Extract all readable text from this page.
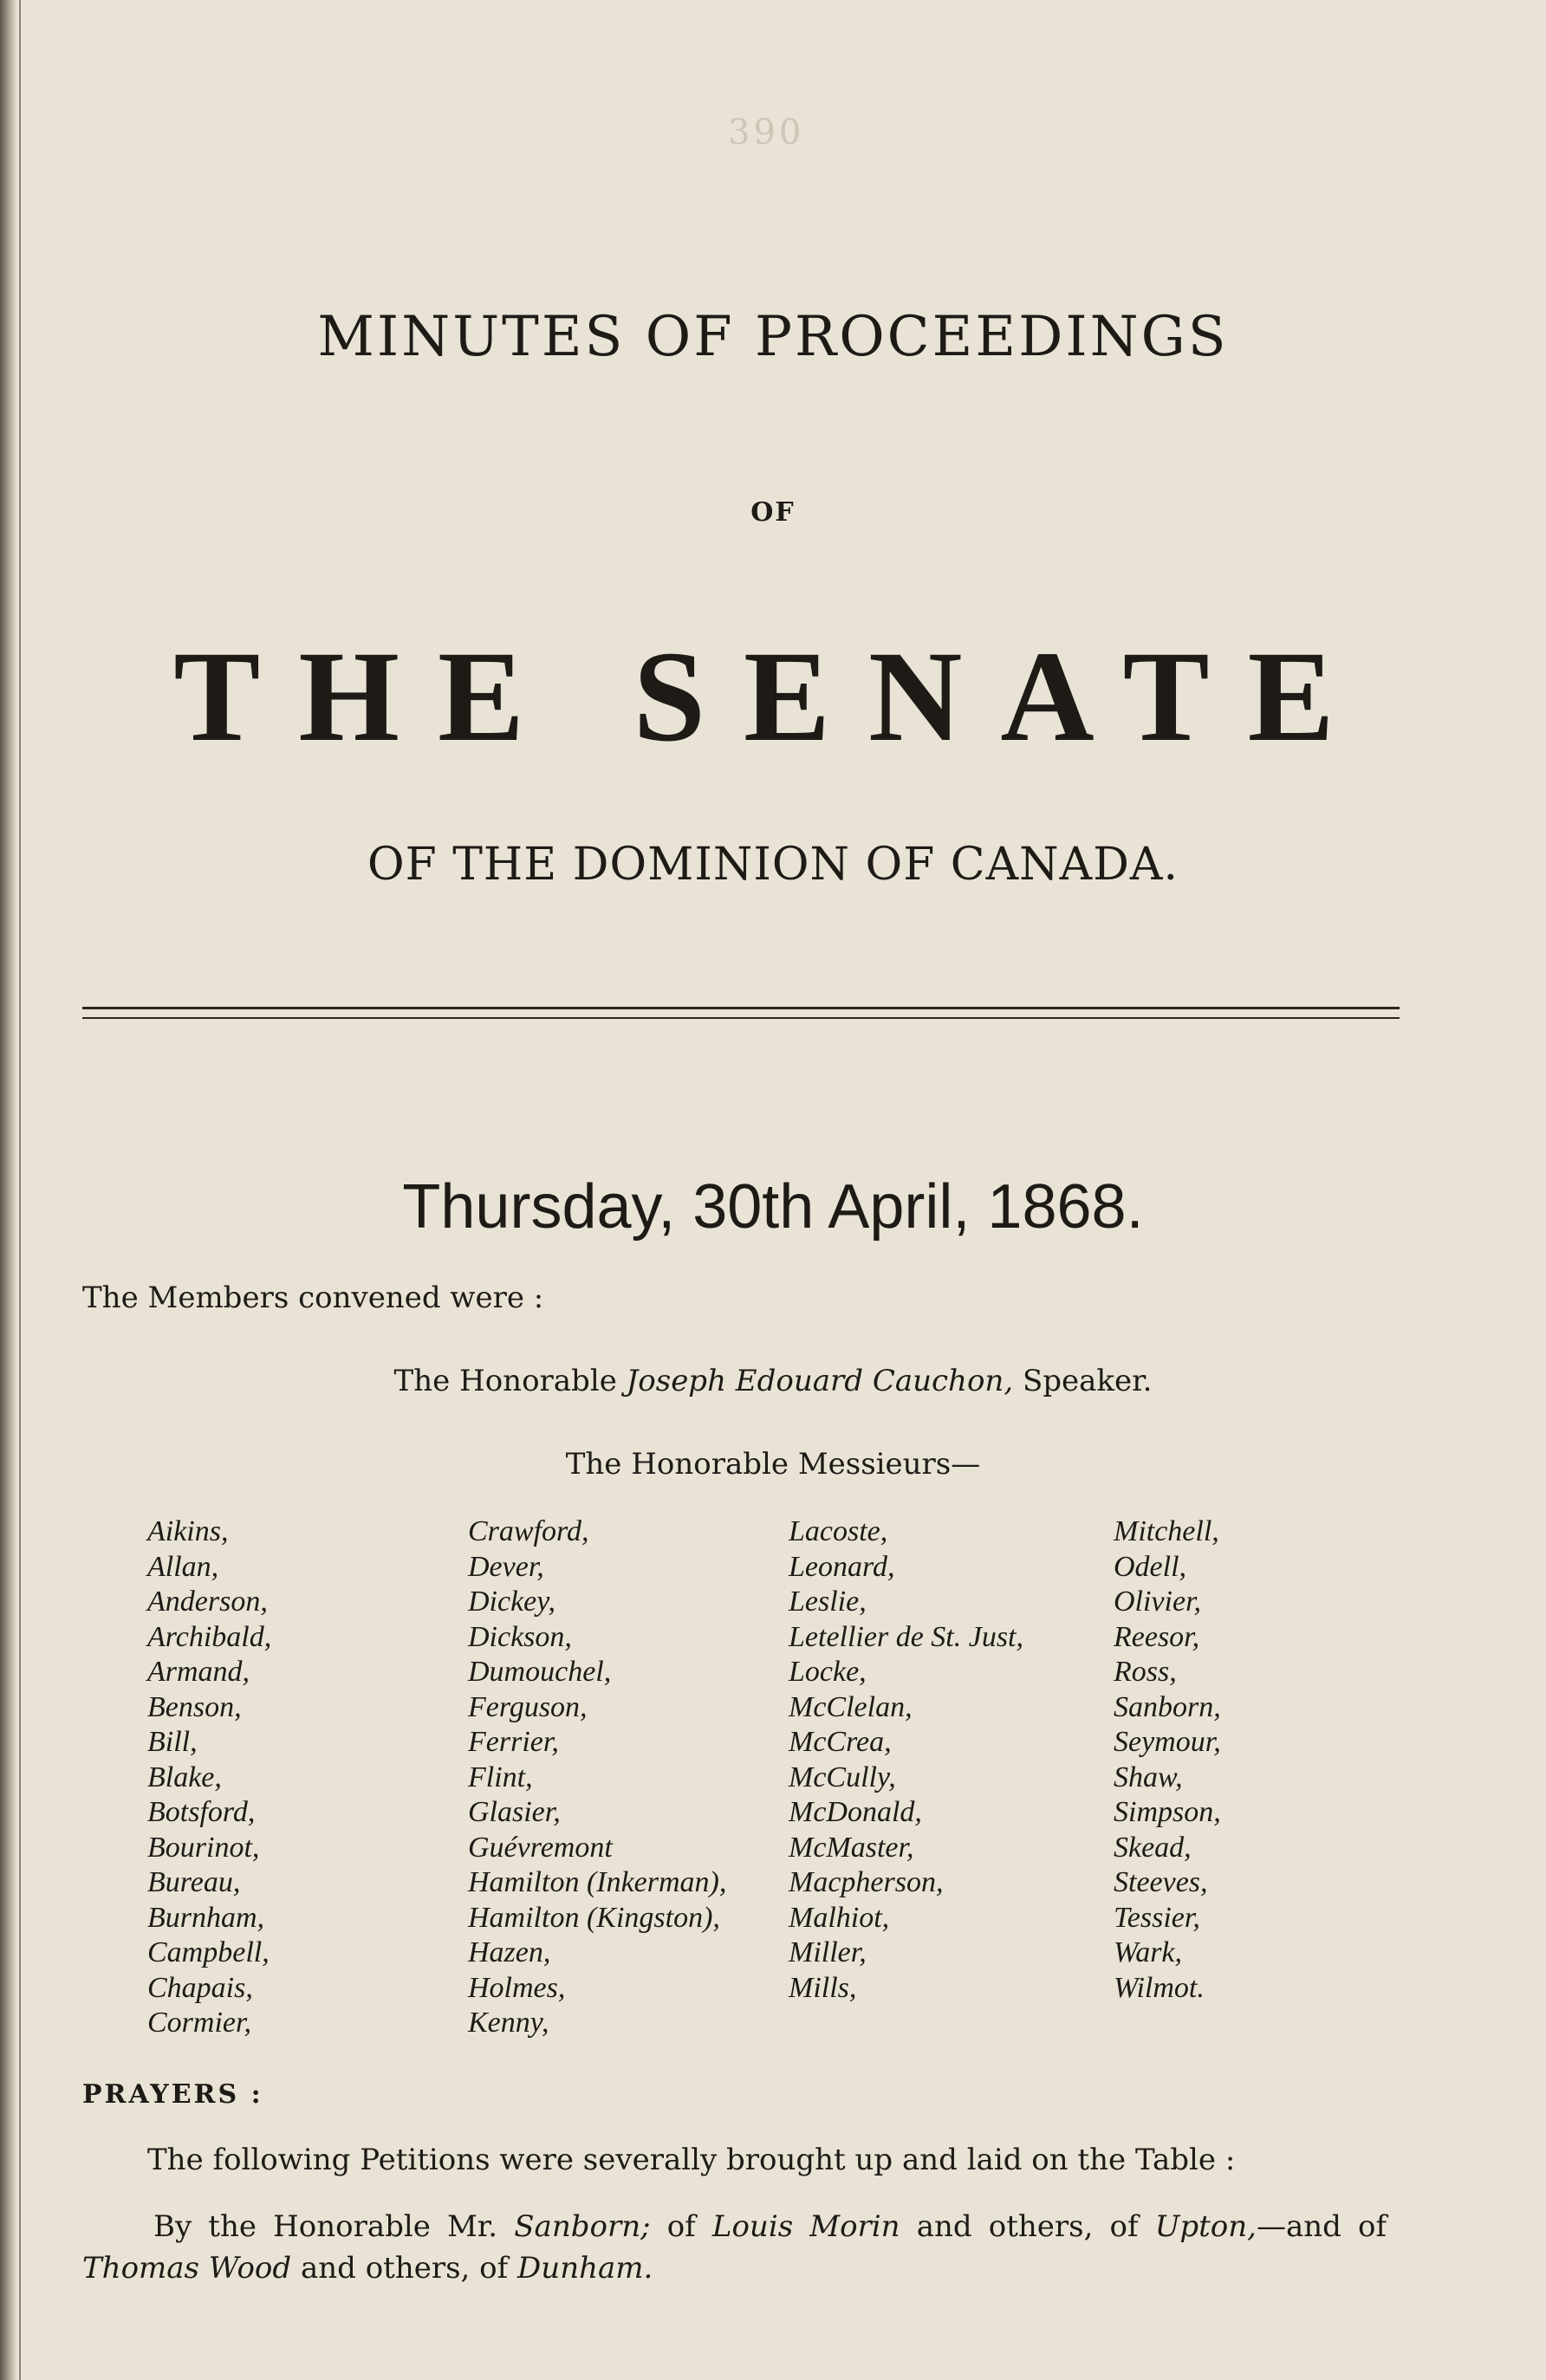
390
MINUTES OF PROCEEDINGS
OF
THE SENATE
OF THE DOMINION OF CANADA.
Thursday, 30th April, 1868.
The Members convened were :
The Honorable Joseph Edouard Cauchon, Speaker.
The Honorable Messieurs—
Aikins,
Allan,
Anderson,
Archibald,
Armand,
Benson,
Bill,
Blake,
Botsford,
Bourinot,
Bureau,
Burnham,
Campbell,
Chapais,
Cormier,
Crawford,
Dever,
Dickey,
Dickson,
Dumouchel,
Ferguson,
Ferrier,
Flint,
Glasier,
Guévremont
Hamilton (Inkerman),
Hamilton (Kingston),
Hazen,
Holmes,
Kenny,
Lacoste,
Leonard,
Leslie,
Letellier de St. Just,
Locke,
McClelan,
McCrea,
McCully,
McDonald,
McMaster,
Macpherson,
Malhiot,
Miller,
Mills,
Mitchell,
Odell,
Olivier,
Reesor,
Ross,
Sanborn,
Seymour,
Shaw,
Simpson,
Skead,
Steeves,
Tessier,
Wark,
Wilmot.
PRAYERS :
The following Petitions were severally brought up and laid on the Table :
By the Honorable Mr. Sanborn; of Louis Morin and others, of Upton,—and of Thomas Wood and others, of Dunham.
